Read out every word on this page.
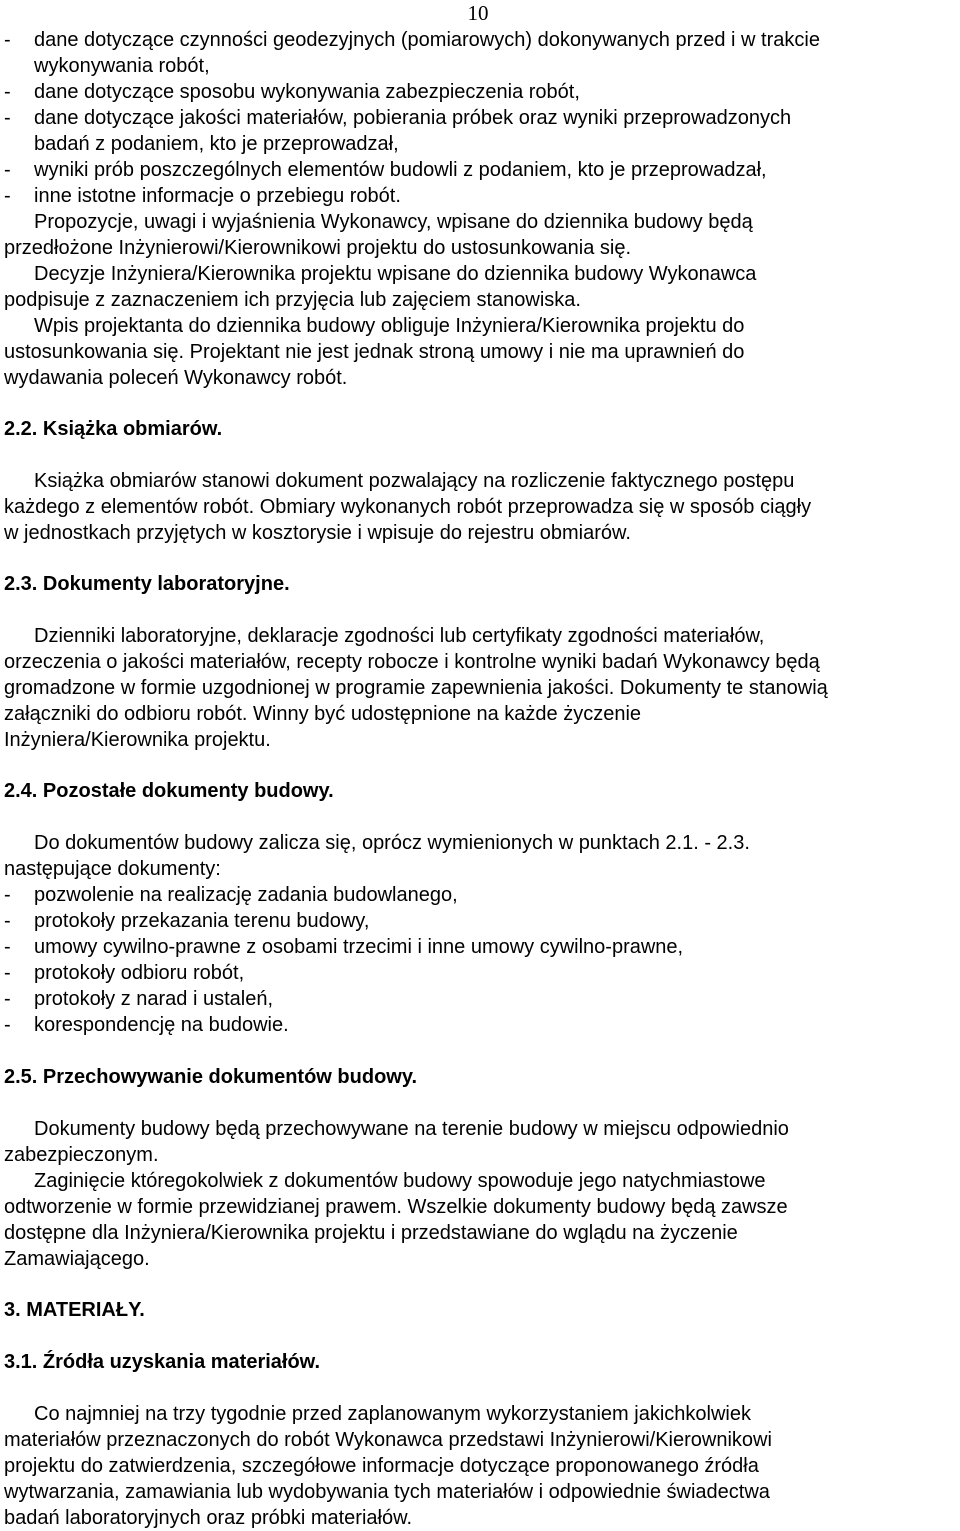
10
- dane dotyczące czynności geodezyjnych (pomiarowych) dokonywanych przed i w trakcie
wykonywania robót,
- dane dotyczące sposobu wykonywania zabezpieczenia robót,
- dane dotyczące jakości materiałów, pobierania próbek oraz wyniki przeprowadzonych
badań z podaniem, kto je przeprowadzał,
- wyniki prób poszczególnych elementów budowli z podaniem, kto je przeprowadzał,
- inne istotne informacje o przebiegu robót.
Propozycje, uwagi i wyjaśnienia Wykonawcy, wpisane do dziennika budowy będą
przedłożone Inżynierowi/Kierownikowi projektu do ustosunkowania się.
Decyzje Inżyniera/Kierownika projektu wpisane do dziennika budowy Wykonawca
podpisuje z zaznaczeniem ich przyjęcia lub zajęciem stanowiska.
Wpis projektanta do dziennika budowy obliguje Inżyniera/Kierownika projektu do
ustosunkowania się. Projektant nie jest jednak stroną umowy i nie ma uprawnień do
wydawania poleceń Wykonawcy robót.
2.2. Książka obmiarów.
Książka obmiarów stanowi dokument pozwalający na rozliczenie faktycznego postępu
każdego z elementów robót. Obmiary wykonanych robót przeprowadza się w sposób ciągły
w jednostkach przyjętych w kosztorysie i wpisuje do rejestru obmiarów.
2.3. Dokumenty laboratoryjne.
Dzienniki laboratoryjne, deklaracje zgodności lub certyfikaty zgodności materiałów,
orzeczenia o jakości materiałów, recepty robocze i kontrolne wyniki badań Wykonawcy będą
gromadzone w formie uzgodnionej w programie zapewnienia jakości. Dokumenty te stanowią
załączniki do odbioru robót. Winny być udostępnione na każde życzenie
Inżyniera/Kierownika projektu.
2.4. Pozostałe dokumenty budowy.
Do dokumentów budowy zalicza się, oprócz wymienionych w punktach 2.1. - 2.3.
następujące dokumenty:
- pozwolenie na realizację zadania budowlanego,
- protokoły przekazania terenu budowy,
- umowy cywilno-prawne z osobami trzecimi i inne umowy cywilno-prawne,
- protokoły odbioru robót,
- protokoły z narad i ustaleń,
- korespondencję na budowie.
2.5. Przechowywanie dokumentów budowy.
Dokumenty budowy będą przechowywane na terenie budowy w miejscu odpowiednio
zabezpieczonym.
Zaginięcie któregokolwiek z dokumentów budowy spowoduje jego natychmiastowe
odtworzenie w formie przewidzianej prawem. Wszelkie dokumenty budowy będą zawsze
dostępne dla Inżyniera/Kierownika projektu i przedstawiane do wglądu na życzenie
Zamawiającego.
3. MATERIAŁY.
3.1. Źródła uzyskania materiałów.
Co najmniej na trzy tygodnie przed zaplanowanym wykorzystaniem jakichkolwiek
materiałów przeznaczonych do robót Wykonawca przedstawi Inżynierowi/Kierownikowi
projektu do zatwierdzenia, szczegółowe informacje dotyczące proponowanego źródła
wytwarzania, zamawiania lub wydobywania tych materiałów i odpowiednie świadectwa
badań laboratoryjnych oraz próbki materiałów.
